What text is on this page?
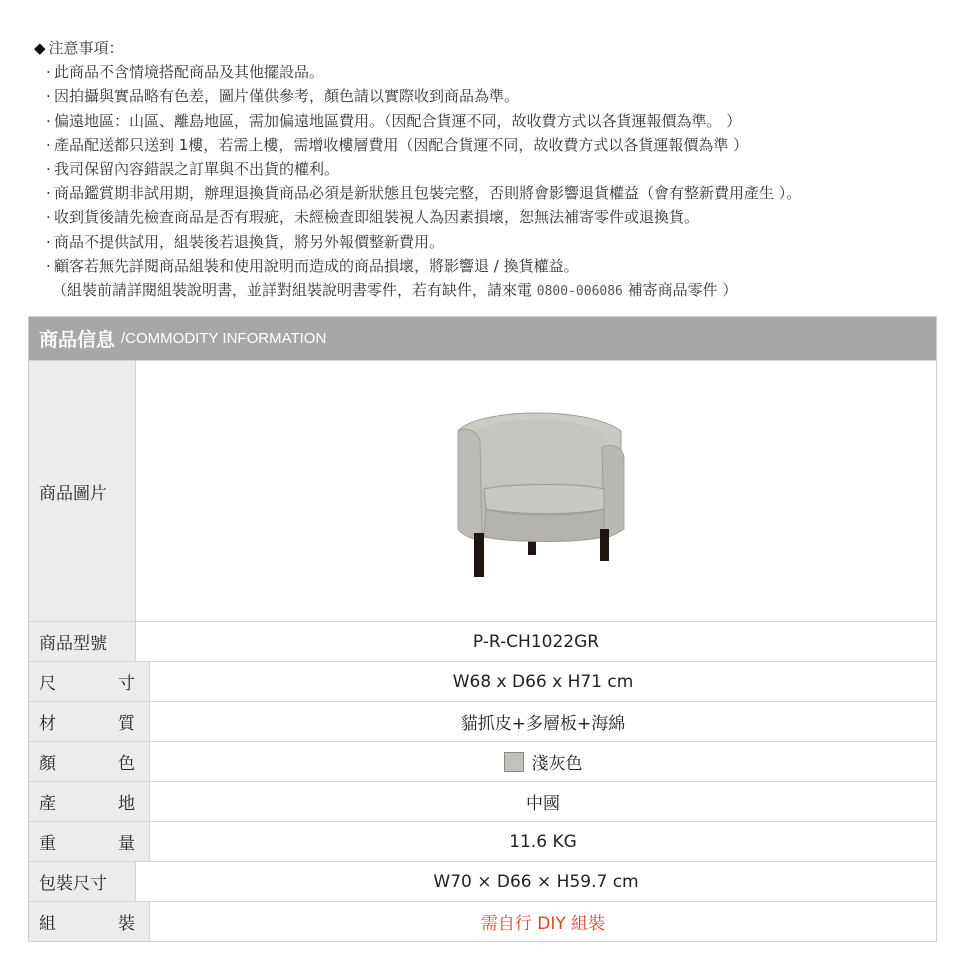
◆ 注意事項：
. 此商品不含情境搭配商品及其他擺設品。
. 因拍攝與實品略有色差，圖片僅供參考，顏色請以實際收到商品為準。
. 偏遠地區：山區、離島地區，需加偏遠地區費用。（因配合貨運不同，故收費方式以各貨運報價為準。 ）
. 產品配送都只送到 1樓，若需上樓，需增收樓層費用（因配合貨運不同，故收費方式以各貨運報價為準 ）
. 我司保留內容錯誤之訂單與不出貨的權利。
. 商品鑑賞期非試用期，辦理退換貨商品必須是新狀態且包裝完整，否則將會影響退貨權益（會有整新費用產生 ）。
. 收到貨後請先檢查商品是否有瑕疵，未經檢查即組裝視人為因素損壞，恕無法補寄零件或退換貨。
. 商品不提供試用，組裝後若退換貨，將另外報價整新費用。
. 顧客若無先詳閱商品組裝和使用說明而造成的商品損壞，將影響退 / 換貨權益。
（組裝前請詳閱組裝說明書，並詳對組裝說明書零件，若有缺件，請來電 0800-006086 補寄商品零件 ）
商品信息 /COMMODITY INFORMATION
商品圖片
商品型號	P-R-CH1022GR
尺	寸	W68 x D66 x H71 cm
材	質	貓抓皮+多層板+海綿
顏	色	淺灰色
產	地	中國
重	量	11.6 KG
包裝尺寸	W70 × D66 × H59.7 cm
組	裝	需自行 DIY 組裝
